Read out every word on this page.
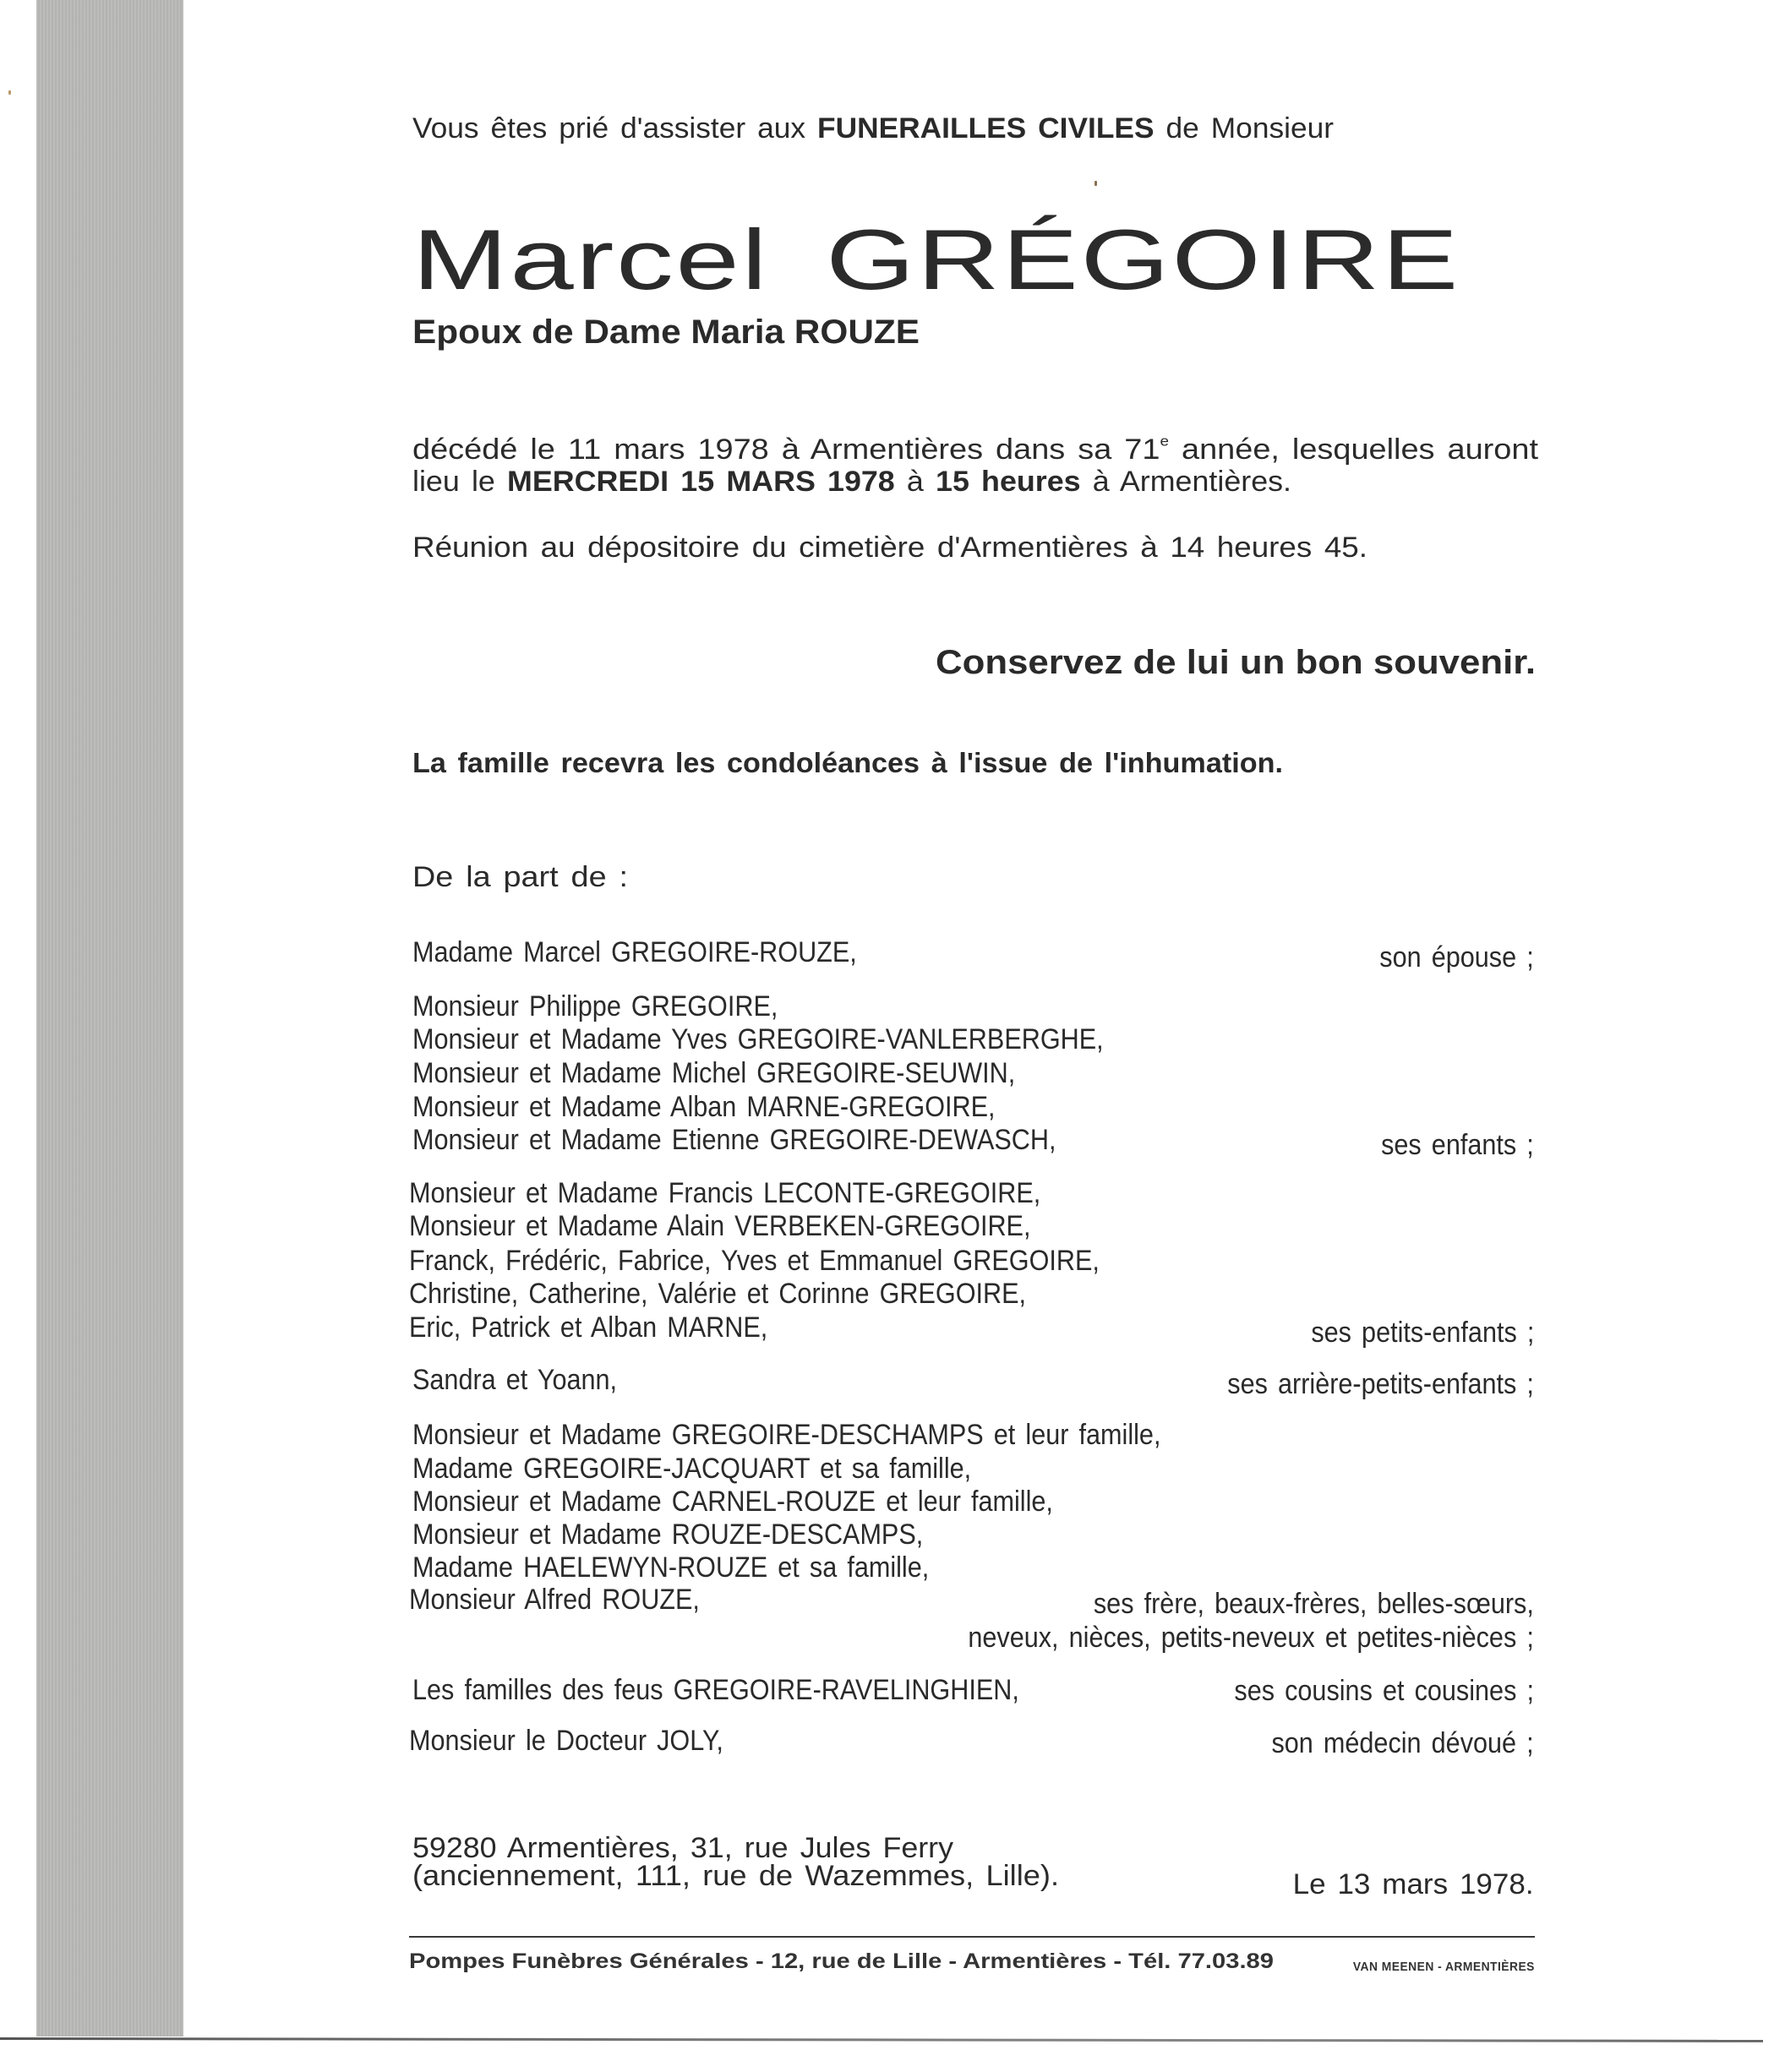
Vous êtes prié d'assister aux FUNERAILLES CIVILES de Monsieur
Marcel GRÉGOIRE
Epoux de Dame Maria ROUZE
décédé le 11 mars 1978 à Armentières dans sa 71e année, lesquelles auront
lieu le MERCREDI 15 MARS 1978 à 15 heures à Armentières.
Réunion au dépositoire du cimetière d'Armentières à 14 heures 45.
Conservez de lui un bon souvenir.
La famille recevra les condoléances à l'issue de l'inhumation.
De la part de :
Madame Marcel GREGOIRE-ROUZE,	son épouse ;
Monsieur Philippe GREGOIRE,
Monsieur et Madame Yves GREGOIRE-VANLERBERGHE,
Monsieur et Madame Michel GREGOIRE-SEUWIN,
Monsieur et Madame Alban MARNE-GREGOIRE,
Monsieur et Madame Etienne GREGOIRE-DEWASCH,	ses enfants ;
Monsieur et Madame Francis LECONTE-GREGOIRE,
Monsieur et Madame Alain VERBEKEN-GREGOIRE,
Franck, Frédéric, Fabrice, Yves et Emmanuel GREGOIRE,
Christine, Catherine, Valérie et Corinne GREGOIRE,
Eric, Patrick et Alban MARNE,	ses petits-enfants ;
Sandra et Yoann,	ses arrière-petits-enfants ;
Monsieur et Madame GREGOIRE-DESCHAMPS et leur famille,
Madame GREGOIRE-JACQUART et sa famille,
Monsieur et Madame CARNEL-ROUZE et leur famille,
Monsieur et Madame ROUZE-DESCAMPS,
Madame HAELEWYN-ROUZE et sa famille,
Monsieur Alfred ROUZE,	ses frère, beaux-frères, belles-sœurs,
neveux, nièces, petits-neveux et petites-nièces ;
Les familles des feus GREGOIRE-RAVELINGHIEN,	ses cousins et cousines ;
Monsieur le Docteur JOLY,	son médecin dévoué ;
59280 Armentières, 31, rue Jules Ferry
(anciennement, 111, rue de Wazemmes, Lille).	Le 13 mars 1978.
Pompes Funèbres Générales - 12, rue de Lille - Armentières - Tél. 77.03.89	VAN MEENEN - ARMENTIÈRES
